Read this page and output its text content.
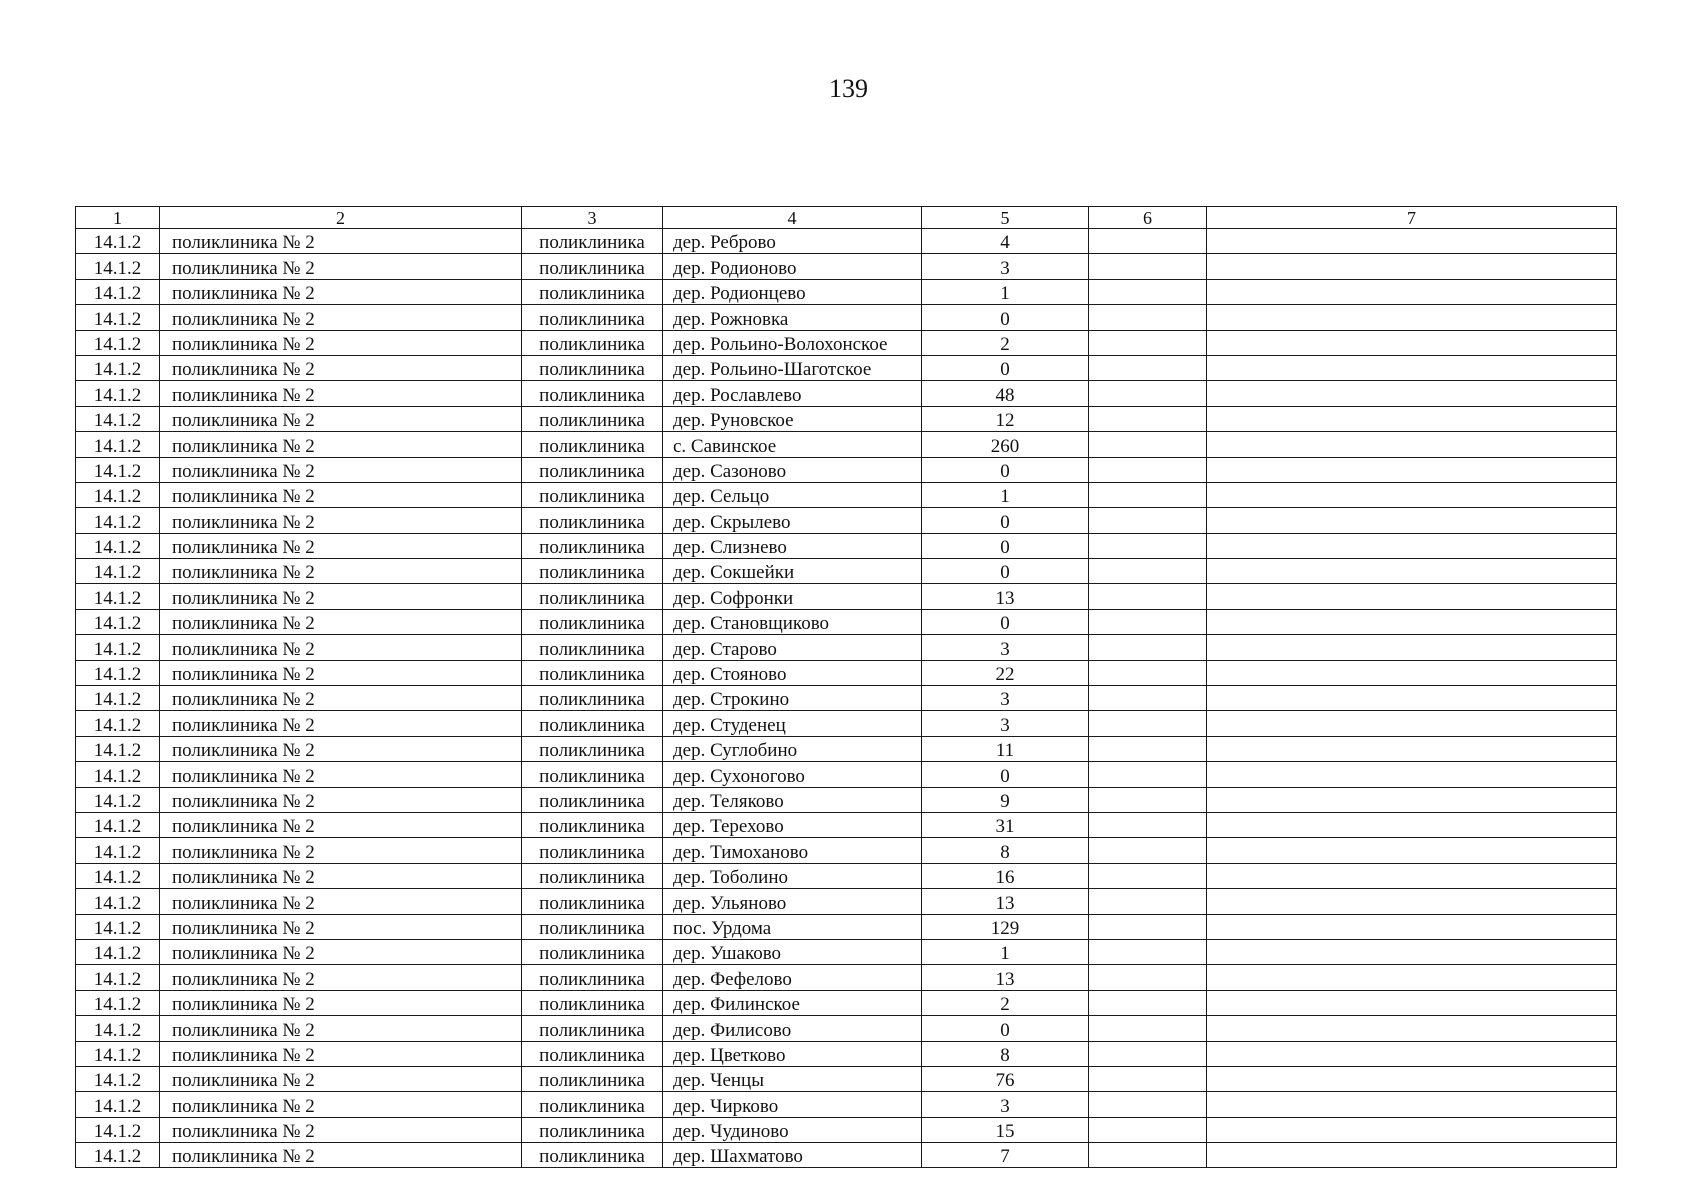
139
1	2	3	4	5	6	7
14.1.2	поликлиника № 2	поликлиника	дер. Реброво	4		
14.1.2	поликлиника № 2	поликлиника	дер. Родионово	3		
14.1.2	поликлиника № 2	поликлиника	дер. Родионцево	1		
14.1.2	поликлиника № 2	поликлиника	дер. Рожновка	0		
14.1.2	поликлиника № 2	поликлиника	дер. Рольино-Волохонское	2		
14.1.2	поликлиника № 2	поликлиника	дер. Рольино-Шаготское	0		
14.1.2	поликлиника № 2	поликлиника	дер. Рославлево	48		
14.1.2	поликлиника № 2	поликлиника	дер. Руновское	12		
14.1.2	поликлиника № 2	поликлиника	с. Савинское	260		
14.1.2	поликлиника № 2	поликлиника	дер. Сазоново	0		
14.1.2	поликлиника № 2	поликлиника	дер. Сельцо	1		
14.1.2	поликлиника № 2	поликлиника	дер. Скрылево	0		
14.1.2	поликлиника № 2	поликлиника	дер. Слизнево	0		
14.1.2	поликлиника № 2	поликлиника	дер. Сокшейки	0		
14.1.2	поликлиника № 2	поликлиника	дер. Софронки	13		
14.1.2	поликлиника № 2	поликлиника	дер. Становщиково	0		
14.1.2	поликлиника № 2	поликлиника	дер. Старово	3		
14.1.2	поликлиника № 2	поликлиника	дер. Стояново	22		
14.1.2	поликлиника № 2	поликлиника	дер. Строкино	3		
14.1.2	поликлиника № 2	поликлиника	дер. Студенец	3		
14.1.2	поликлиника № 2	поликлиника	дер. Суглобино	11		
14.1.2	поликлиника № 2	поликлиника	дер. Сухоногово	0		
14.1.2	поликлиника № 2	поликлиника	дер. Теляково	9		
14.1.2	поликлиника № 2	поликлиника	дер. Терехово	31		
14.1.2	поликлиника № 2	поликлиника	дер. Тимоханово	8		
14.1.2	поликлиника № 2	поликлиника	дер. Тоболино	16		
14.1.2	поликлиника № 2	поликлиника	дер. Ульяново	13		
14.1.2	поликлиника № 2	поликлиника	пос. Урдома	129		
14.1.2	поликлиника № 2	поликлиника	дер. Ушаково	1		
14.1.2	поликлиника № 2	поликлиника	дер. Фефелово	13		
14.1.2	поликлиника № 2	поликлиника	дер. Филинское	2		
14.1.2	поликлиника № 2	поликлиника	дер. Филисово	0		
14.1.2	поликлиника № 2	поликлиника	дер. Цветково	8		
14.1.2	поликлиника № 2	поликлиника	дер. Ченцы	76		
14.1.2	поликлиника № 2	поликлиника	дер. Чирково	3		
14.1.2	поликлиника № 2	поликлиника	дер. Чудиново	15		
14.1.2	поликлиника № 2	поликлиника	дер. Шахматово	7		
